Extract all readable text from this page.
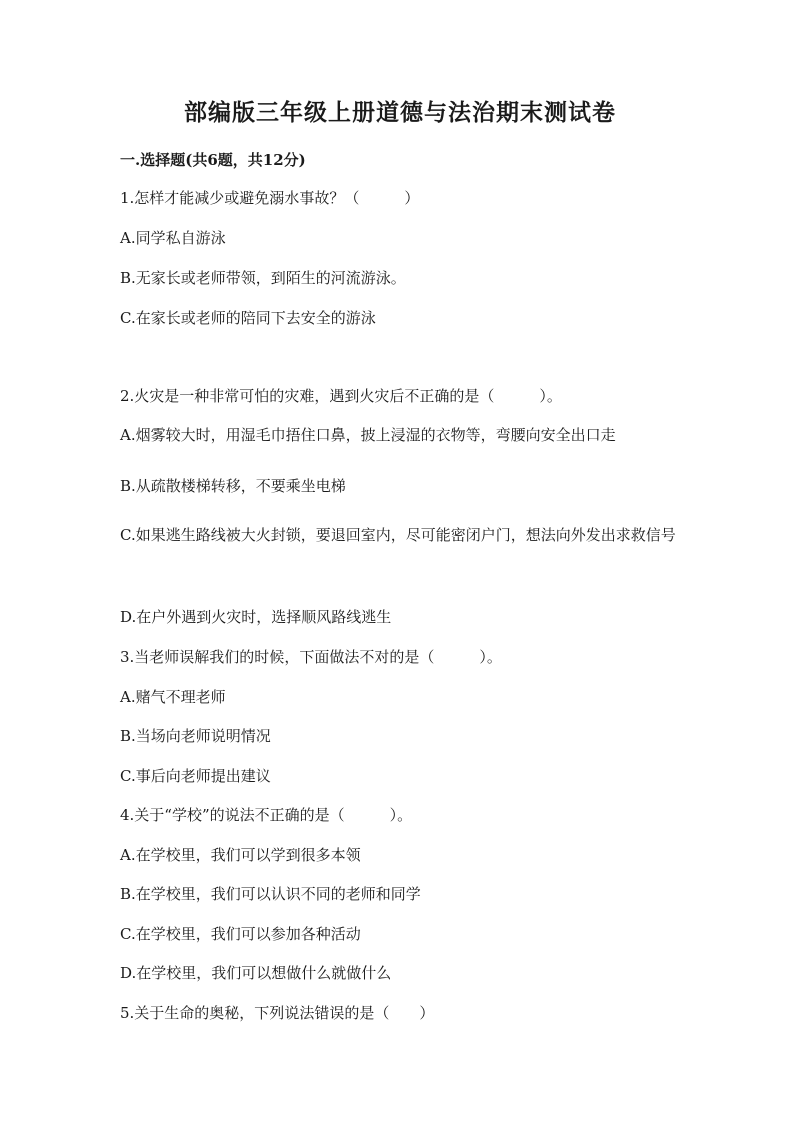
部编版三年级上册道德与法治期末测试卷
一.选择题(共6题，共12分)

1.怎样才能减少或避免溺水事故？（　　　）

A.同学私自游泳

B.无家长或老师带领，到陌生的河流游泳。

C.在家长或老师的陪同下去安全的游泳

2.火灾是一种非常可怕的灾难，遇到火灾后不正确的是（　　　）。

A.烟雾较大时，用湿毛巾捂住口鼻，披上浸湿的衣物等，弯腰向安全出口走

B.从疏散楼梯转移，不要乘坐电梯

C.如果逃生路线被大火封锁，要退回室内，尽可能密闭户门，想法向外发出求救信号

D.在户外遇到火灾时，选择顺风路线逃生

3.当老师误解我们的时候，下面做法不对的是（　　　）。

A.赌气不理老师

B.当场向老师说明情况

C.事后向老师提出建议

4.关于“学校”的说法不正确的是（　　　）。

A.在学校里，我们可以学到很多本领

B.在学校里，我们可以认识不同的老师和同学

C.在学校里，我们可以参加各种活动

D.在学校里，我们可以想做什么就做什么

5.关于生命的奥秘，下列说法错误的是（　　）
